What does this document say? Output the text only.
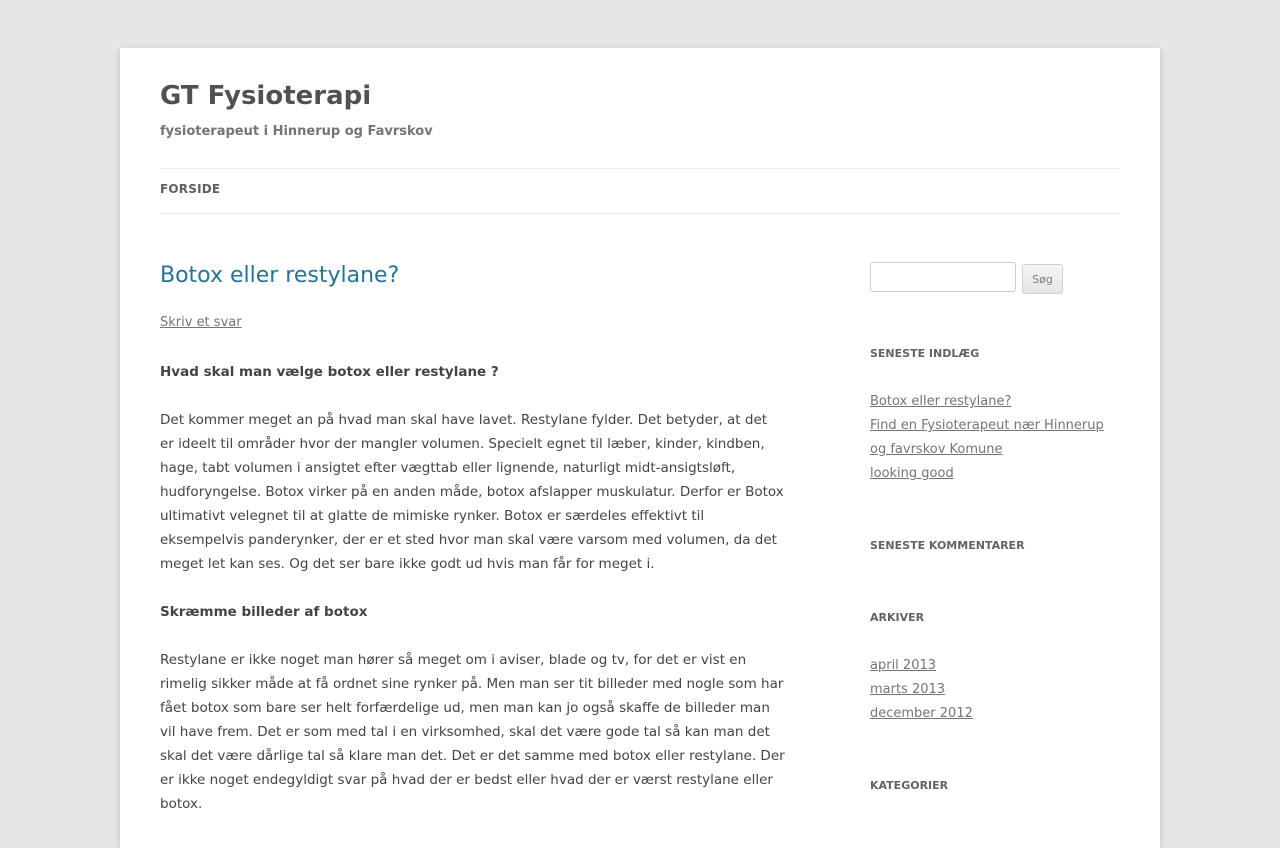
GT Fysioterapi
fysioterapeut i Hinnerup og Favrskov
FORSIDE
Botox eller restylane?
Skriv et svar

Hvad skal man vælge botox eller restylane ?

Det kommer meget an på hvad man skal have lavet. Restylane fylder. Det betyder, at det er ideelt til områder hvor der mangler volumen. Specielt egnet til læber, kinder, kindben, hage, tabt volumen i ansigtet efter vægttab eller lignende, naturligt midt-ansigtsløft, hudforyngelse. Botox virker på en anden måde, botox afslapper muskulatur. Derfor er Botox ultimativt velegnet til at glatte de mimiske rynker. Botox er særdeles effektivt til eksempelvis panderynker, der er et sted hvor man skal være varsom med volumen, da det meget let kan ses. Og det ser bare ikke godt ud hvis man får for meget i.

Skræmme billeder af botox

Restylane er ikke noget man hører så meget om i aviser, blade og tv, for det er vist en rimelig sikker måde at få ordnet sine rynker på. Men man ser tit billeder med nogle som har fået botox som bare ser helt forfærdelige ud, men man kan jo også skaffe de billeder man vil have frem. Det er som med tal i en virksomhed, skal det være gode tal så kan man det skal det være dårlige tal så klare man det. Det er det samme med botox eller restylane. Der er ikke noget endegyldigt svar på hvad der er bedst eller hvad der er værst restylane eller botox.

Søg
SENESTE INDLÆG
Botox eller restylane?
Find en Fysioterapeut nær Hinnerup og favrskov Komune
looking good
SENESTE KOMMENTARER
ARKIVER
april 2013
marts 2013
december 2012
KATEGORIER
